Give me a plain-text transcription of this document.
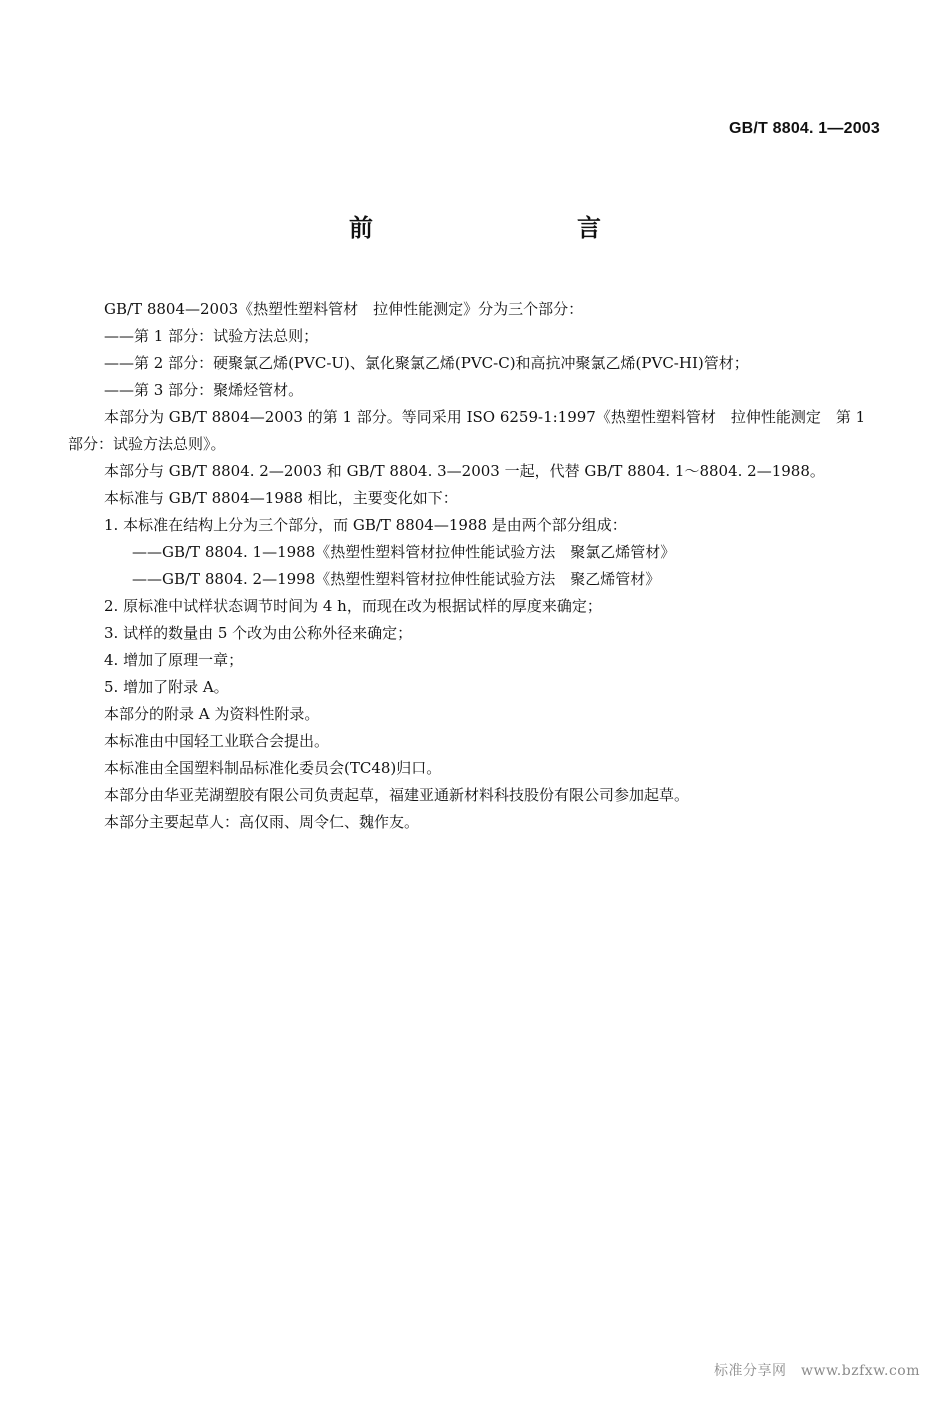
GB/T 8804. 1—2003
前　　言

GB/T 8804—2003《热塑性塑料管材　拉伸性能测定》分为三个部分：

——第 1 部分：试验方法总则；

——第 2 部分：硬聚氯乙烯(PVC-U)、氯化聚氯乙烯(PVC-C)和高抗冲聚氯乙烯(PVC-HI)管材；

——第 3 部分：聚烯烃管材。

本部分为 GB/T 8804—2003 的第 1 部分。等同采用 ISO 6259-1:1997《热塑性塑料管材　拉伸性能测定　第 1 部分：试验方法总则》。

本部分与 GB/T 8804. 2—2003 和 GB/T 8804. 3—2003 一起，代替 GB/T 8804. 1～8804. 2—1988。

本标准与 GB/T 8804—1988 相比，主要变化如下：

1. 本标准在结构上分为三个部分，而 GB/T 8804—1988 是由两个部分组成：

——GB/T 8804. 1—1988《热塑性塑料管材拉伸性能试验方法　聚氯乙烯管材》

——GB/T 8804. 2—1998《热塑性塑料管材拉伸性能试验方法　聚乙烯管材》

2. 原标准中试样状态调节时间为 4 h，而现在改为根据试样的厚度来确定；

3. 试样的数量由 5 个改为由公称外径来确定；

4. 增加了原理一章；

5. 增加了附录 A。

本部分的附录 A 为资料性附录。

本标准由中国轻工业联合会提出。

本标准由全国塑料制品标准化委员会(TC48)归口。

本部分由华亚芜湖塑胶有限公司负责起草，福建亚通新材料科技股份有限公司参加起草。

本部分主要起草人：高仅雨、周令仁、魏作友。

标准分享网　www.bzfxw.com
